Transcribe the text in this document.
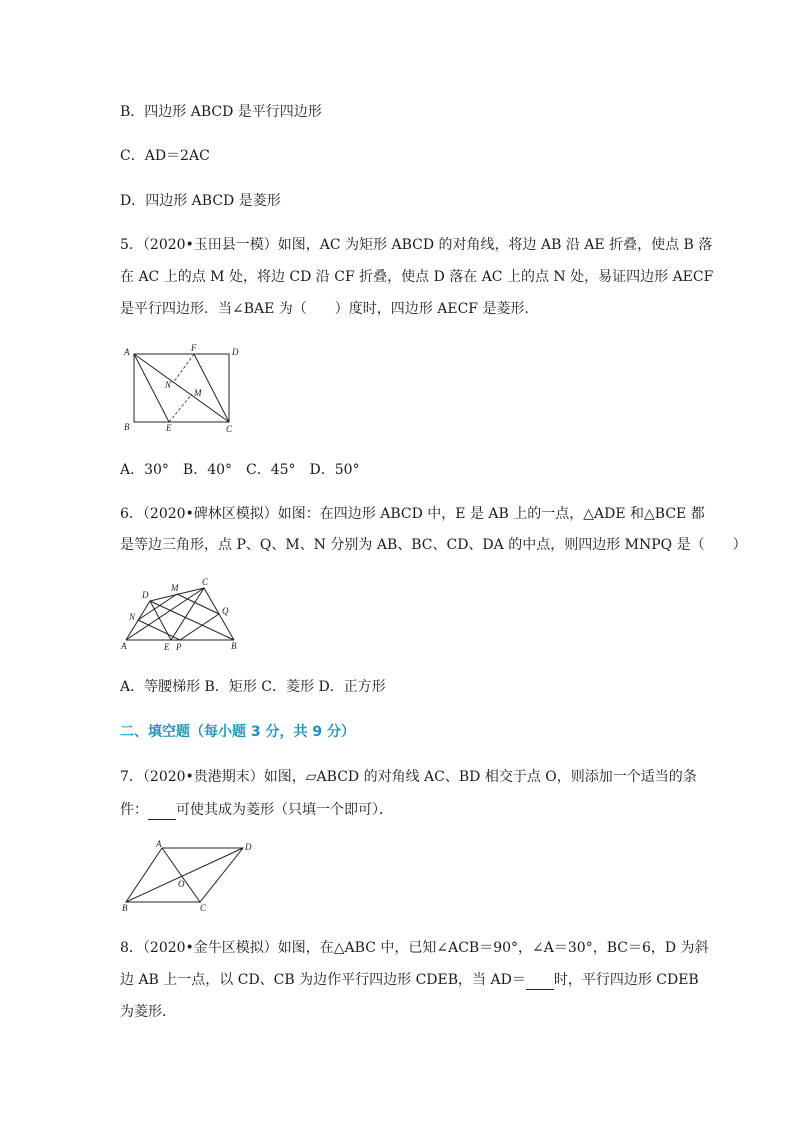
B．四边形 ABCD 是平行四边形
C．AD＝2AC
D．四边形 ABCD 是菱形
5．（2020•玉田县一模）如图，AC 为矩形 ABCD 的对角线，将边 AB 沿 AE 折叠，使点 B 落
在 AC 上的点 M 处，将边 CD 沿 CF 折叠，使点 D 落在 AC 上的点 N 处，易证四边形 AECF
是平行四边形．当∠BAE 为（　　）度时，四边形 AECF 是菱形．
A	F	D
N
M
B	E	C
A．30°　B．40°　C．45°　D．50°
6．（2020•碑林区模拟）如图：在四边形 ABCD 中，E 是 AB 上的一点，△ADE 和△BCE 都
是等边三角形，点 P、Q、M、N 分别为 AB、BC、CD、DA 的中点，则四边形 MNPQ 是（　　）
M
C
D
Q
N
A	E P	B
A．等腰梯形 B．矩形 C．菱形 D．正方形
二、填空题（每小题 3 分，共 9 分）
7．（2020•贵港期末）如图，▱ABCD 的对角线 AC、BD 相交于点 O，则添加一个适当的条
件： 可使其成为菱形（只填一个即可）．
A	D
O
B	C
8．（2020•金牛区模拟）如图，在△ABC 中，已知∠ACB＝90°，∠A＝30°，BC＝6，D 为斜
边 AB 上一点，以 CD、CB 为边作平行四边形 CDEB，当 AD＝ 时，平行四边形 CDEB
为菱形．
